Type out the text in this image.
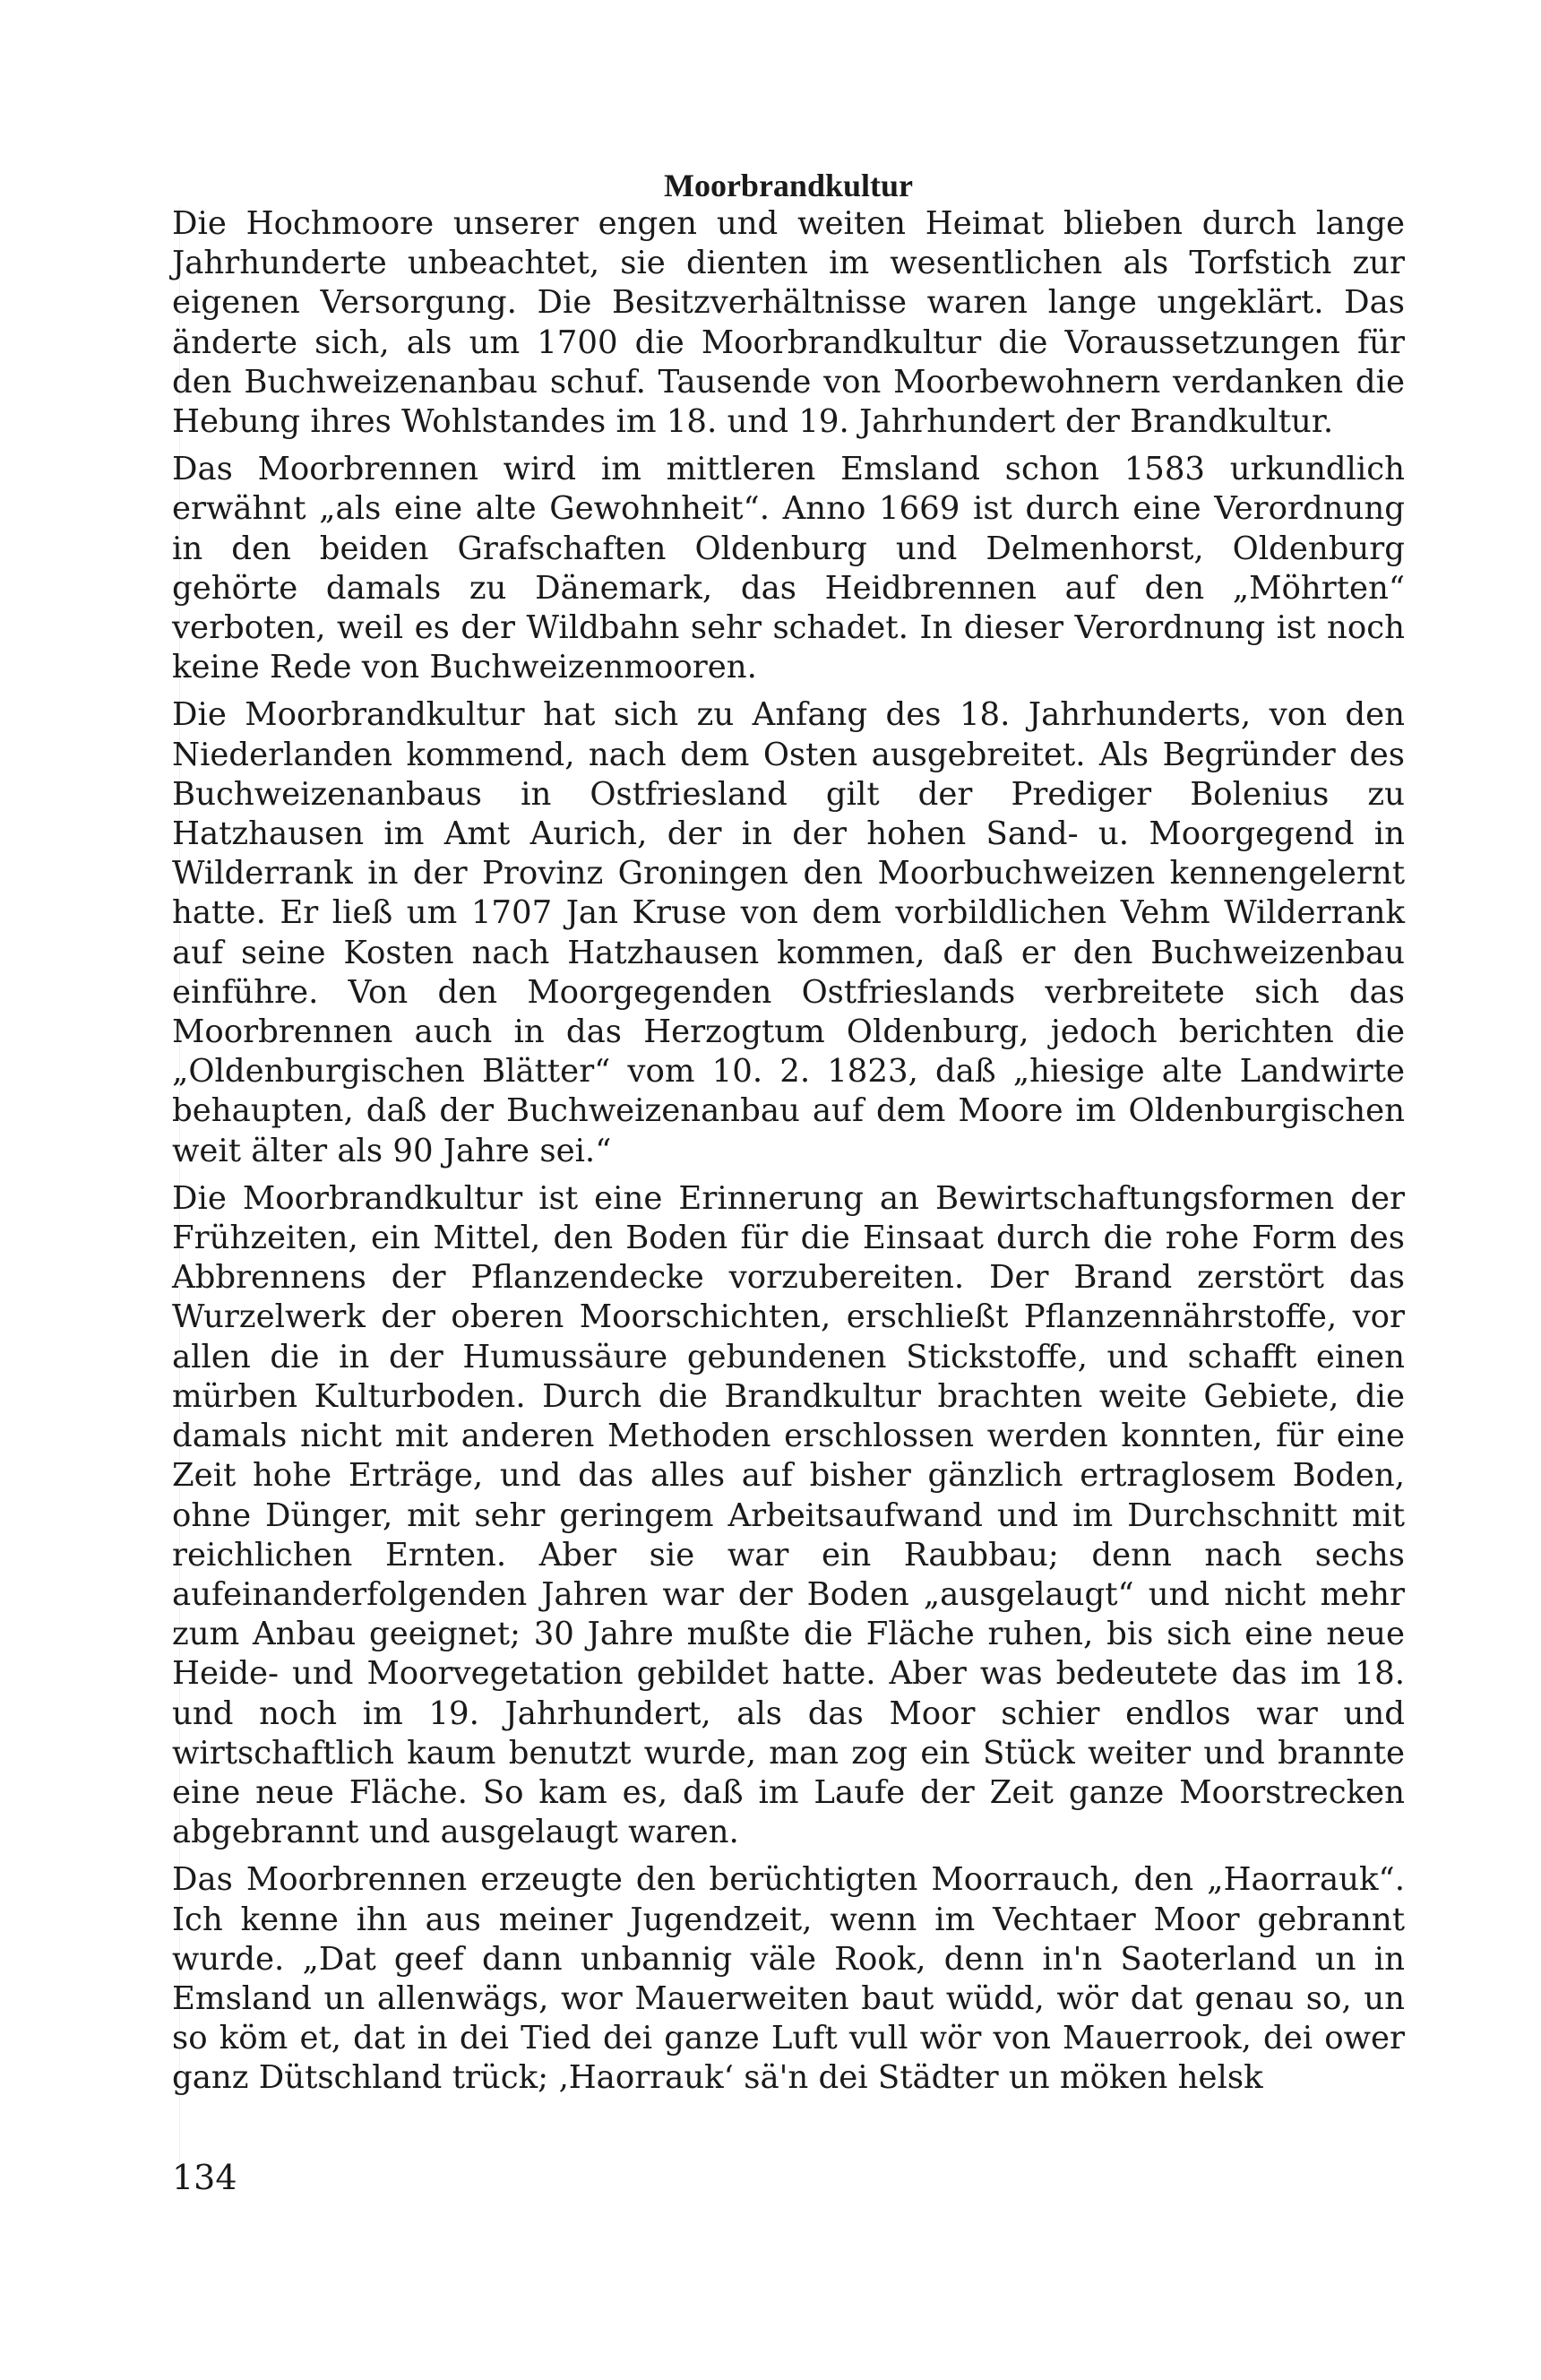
Moorbrandkultur

Die Hochmoore unserer engen und weiten Heimat blieben durch lange Jahrhunderte unbeachtet, sie dienten im wesentlichen als Torfstich zur eigenen Versorgung. Die Besitzverhältnisse waren lange ungeklärt. Das änderte sich, als um 1700 die Moorbrandkultur die Voraussetzungen für den Buchweizenanbau schuf. Tausende von Moorbewohnern verdanken die Hebung ihres Wohlstandes im 18. und 19. Jahrhundert der Brandkultur.

Das Moorbrennen wird im mittleren Emsland schon 1583 urkundlich erwähnt „als eine alte Gewohnheit“. Anno 1669 ist durch eine Verordnung in den beiden Grafschaften Oldenburg und Delmenhorst, Oldenburg gehörte damals zu Dänemark, das Heidbrennen auf den „Möhrten“ verboten, weil es der Wildbahn sehr schadet. In dieser Verordnung ist noch keine Rede von Buchweizenmooren.

Die Moorbrandkultur hat sich zu Anfang des 18. Jahrhunderts, von den Niederlanden kommend, nach dem Osten ausgebreitet. Als Begründer des Buchweizenanbaus in Ostfriesland gilt der Prediger Bolenius zu Hatzhausen im Amt Aurich, der in der hohen Sand- u. Moorgegend in Wilderrank in der Provinz Groningen den Moorbuchweizen kennengelernt hatte. Er ließ um 1707 Jan Kruse von dem vorbildlichen Vehm Wilderrank auf seine Kosten nach Hatzhausen kommen, daß er den Buchweizenbau einführe. Von den Moorgegenden Ostfrieslands verbreitete sich das Moorbrennen auch in das Herzogtum Oldenburg, jedoch berichten die „Oldenburgischen Blätter“ vom 10. 2. 1823, daß „hiesige alte Landwirte behaupten, daß der Buchweizenanbau auf dem Moore im Oldenburgischen weit älter als 90 Jahre sei.“

Die Moorbrandkultur ist eine Erinnerung an Bewirtschaftungsformen der Frühzeiten, ein Mittel, den Boden für die Einsaat durch die rohe Form des Abbrennens der Pflanzendecke vorzubereiten. Der Brand zerstört das Wurzelwerk der oberen Moorschichten, erschließt Pflanzennährstoffe, vor allen die in der Humussäure gebundenen Stickstoffe, und schafft einen mürben Kulturboden. Durch die Brandkultur brachten weite Gebiete, die damals nicht mit anderen Methoden erschlossen werden konnten, für eine Zeit hohe Erträge, und das alles auf bisher gänzlich ertraglosem Boden, ohne Dünger, mit sehr geringem Arbeitsaufwand und im Durchschnitt mit reichlichen Ernten. Aber sie war ein Raubbau; denn nach sechs aufeinanderfolgenden Jahren war der Boden „ausgelaugt“ und nicht mehr zum Anbau geeignet; 30 Jahre mußte die Fläche ruhen, bis sich eine neue Heide- und Moorvegetation gebildet hatte. Aber was bedeutete das im 18. und noch im 19. Jahrhundert, als das Moor schier endlos war und wirtschaftlich kaum benutzt wurde, man zog ein Stück weiter und brannte eine neue Fläche. So kam es, daß im Laufe der Zeit ganze Moorstrecken abgebrannt und ausgelaugt waren.

Das Moorbrennen erzeugte den berüchtigten Moorrauch, den „Haorrauk“. Ich kenne ihn aus meiner Jugendzeit, wenn im Vechtaer Moor gebrannt wurde. „Dat geef dann unbannig väle Rook, denn in'n Saoterland un in Emsland un allenwägs, wor Mauerweiten baut wüdd, wör dat genau so, un so köm et, dat in dei Tied dei ganze Luft vull wör von Mauerrook, dei ower ganz Dütschland trück; ‚Haorrauk‘ sä'n dei Städter un möken helsk

134
